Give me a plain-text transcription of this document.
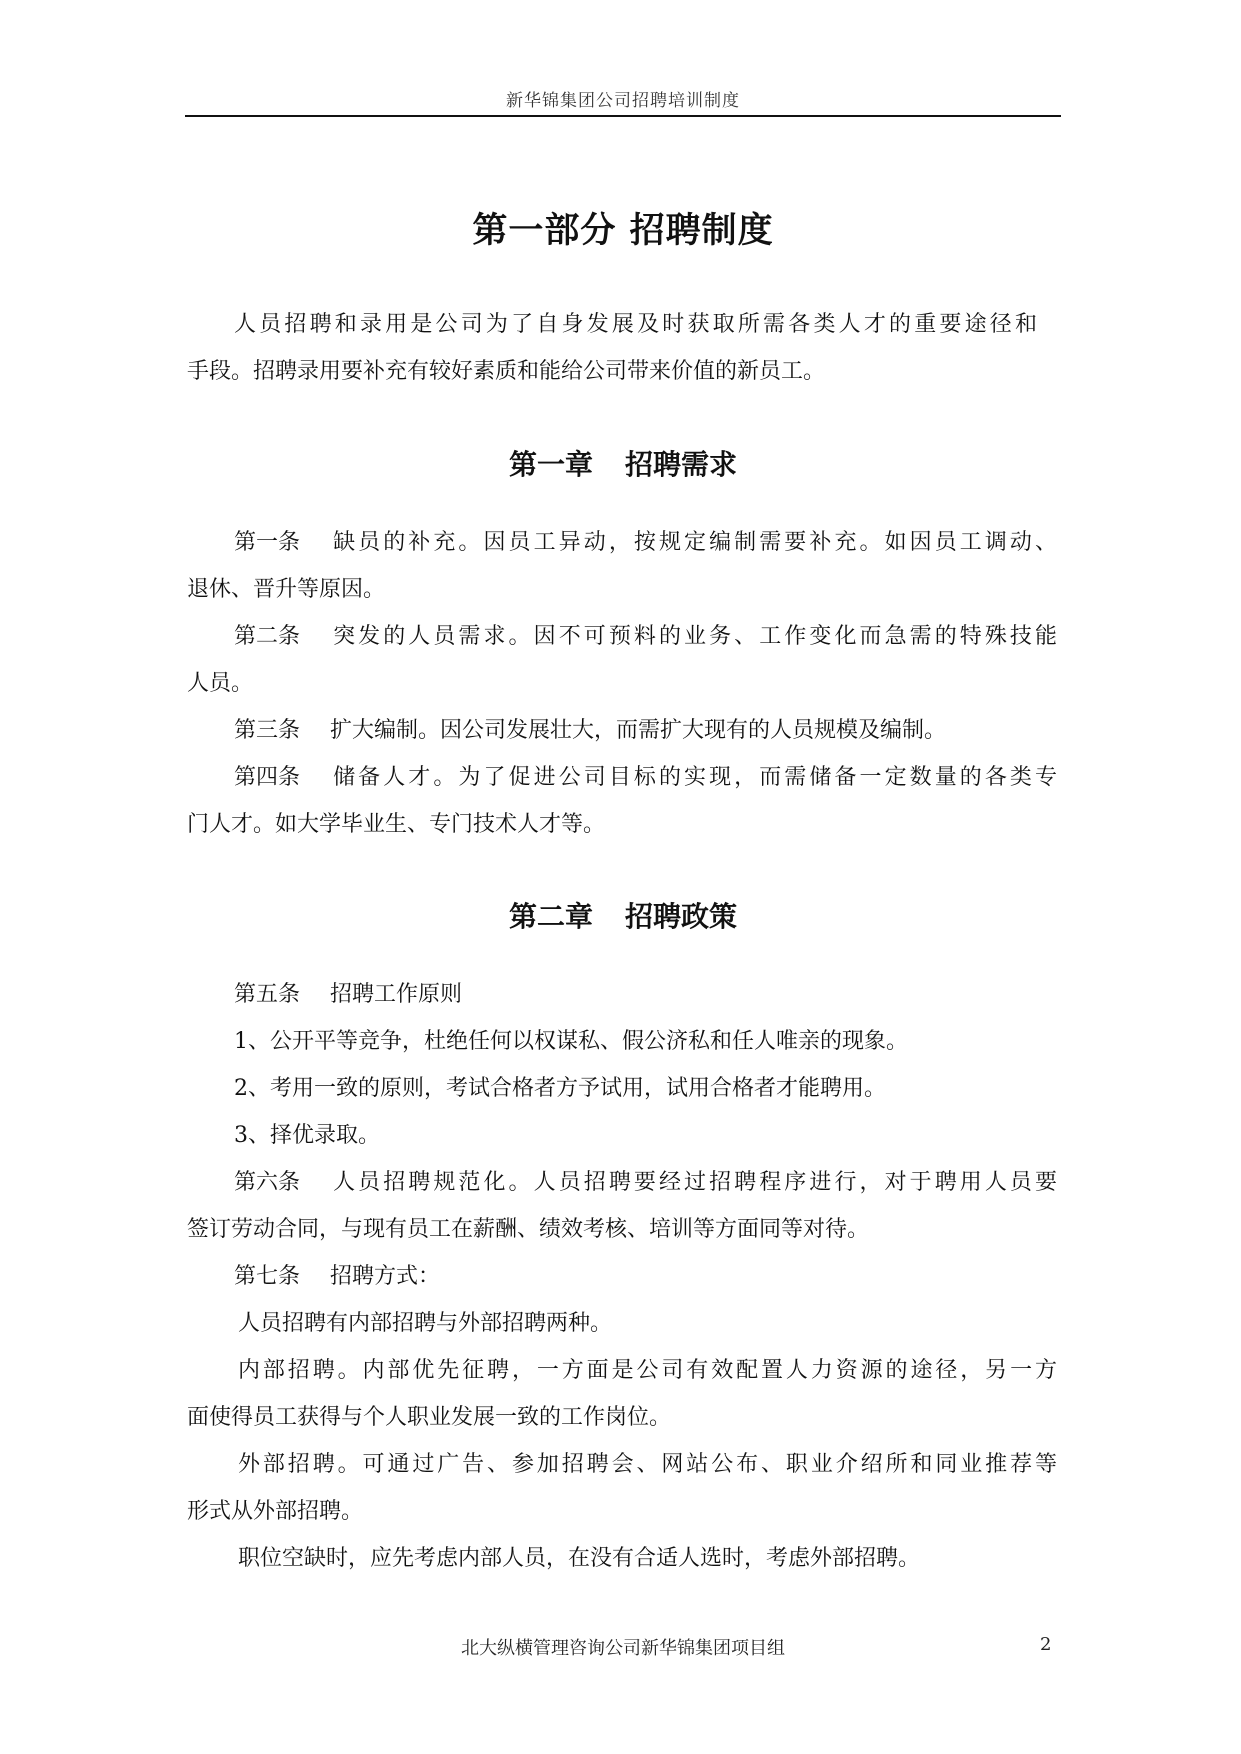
新华锦集团公司招聘培训制度
第一部分 招聘制度
人员招聘和录用是公司为了自身发展及时获取所需各类人才的重要途径和
手段。招聘录用要补充有较好素质和能给公司带来价值的新员工。
第一章 招聘需求
第一条 缺员的补充。因员工异动，按规定编制需要补充。如因员工调动、
退休、晋升等原因。
第二条 突发的人员需求。因不可预料的业务、工作变化而急需的特殊技能
人员。
第三条 扩大编制。因公司发展壮大，而需扩大现有的人员规模及编制。
第四条 储备人才。为了促进公司目标的实现，而需储备一定数量的各类专
门人才。如大学毕业生、专门技术人才等。
第二章 招聘政策
第五条 招聘工作原则
1、公开平等竞争，杜绝任何以权谋私、假公济私和任人唯亲的现象。
2、考用一致的原则，考试合格者方予试用，试用合格者才能聘用。
3、择优录取。
第六条 人员招聘规范化。人员招聘要经过招聘程序进行，对于聘用人员要
签订劳动合同，与现有员工在薪酬、绩效考核、培训等方面同等对待。
第七条 招聘方式：
人员招聘有内部招聘与外部招聘两种。
内部招聘。内部优先征聘，一方面是公司有效配置人力资源的途径，另一方
面使得员工获得与个人职业发展一致的工作岗位。
外部招聘。可通过广告、参加招聘会、网站公布、职业介绍所和同业推荐等
形式从外部招聘。
职位空缺时，应先考虑内部人员，在没有合适人选时，考虑外部招聘。
北大纵横管理咨询公司新华锦集团项目组	2
